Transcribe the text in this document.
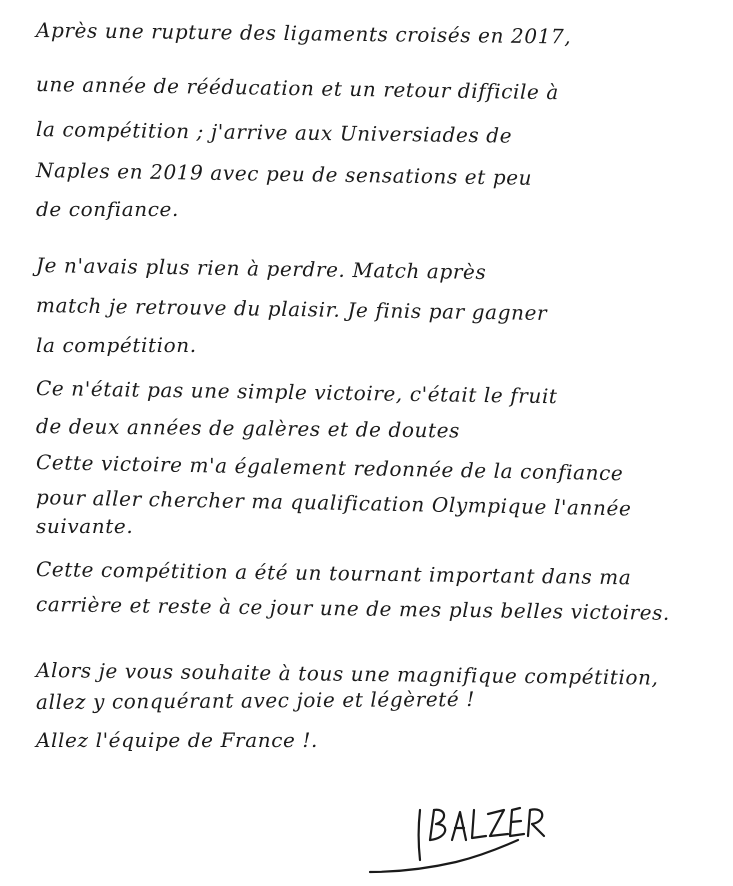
Après une rupture des ligaments croisés en 2017,
une année de rééducation et un retour difficile à
la compétition ; j'arrive aux Universiades de
Naples en 2019 avec peu de sensations et peu
de confiance.
Je n'avais plus rien à perdre. Match après
match je retrouve du plaisir. Je finis par gagner
la compétition.
Ce n'était pas une simple victoire, c'était le fruit
de deux années de galères et de doutes
Cette victoire m'a également redonnée de la confiance
pour aller chercher ma qualification Olympique l'année
suivante.
Cette compétition a été un tournant important dans ma
carrière et reste à ce jour une de mes plus belles victoires.
Alors je vous souhaite à tous une magnifique compétition,
allez y conquérant avec joie et légèreté !
Allez l'équipe de France !.
